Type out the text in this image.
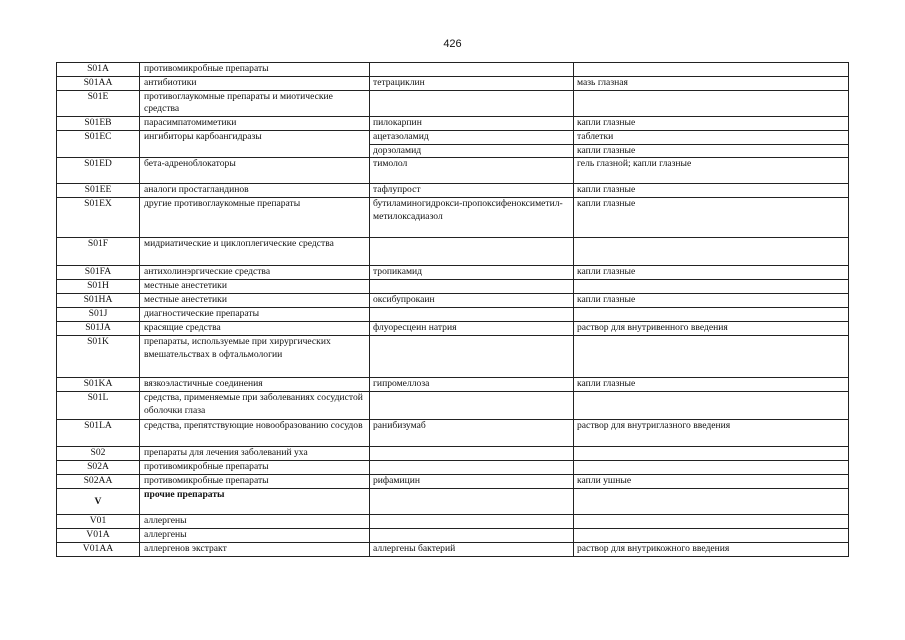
426
S01A	противомикробные препараты		
S01AA	антибиотики	тетрациклин	мазь глазная
S01E	противоглаукомные препараты и миотические средства		
S01EB	парасимпатомиметики	пилокарпин	капли глазные
S01EC	ингибиторы карбоангидразы	ацетазоламид	таблетки
		дорзоламид	капли глазные
S01ED	бета-адреноблокаторы	тимолол	гель глазной; капли глазные
S01EE	аналоги простагландинов	тафлупрост	капли глазные
S01EX	другие противоглаукомные препараты	бутиламиногидрокси-пропоксифеноксиметил-метилоксадиазол	капли глазные
S01F	мидриатические и циклоплегические средства		
S01FA	антихолинэргические средства	тропикамид	капли глазные
S01H	местные анестетики		
S01HA	местные анестетики	оксибупрокаин	капли глазные
S01J	диагностические препараты		
S01JA	красящие средства	флуоресцеин натрия	раствор для внутривенного введения
S01K	препараты, используемые при хирургических вмешательствах в офтальмологии		
S01KA	вязкоэластичные соединения	гипромеллоза	капли глазные
S01L	средства, применяемые при заболеваниях сосудистой оболочки глаза		
S01LA	средства, препятствующие новообразованию сосудов	ранибизумаб	раствор для внутриглазного введения
S02	препараты для лечения заболеваний уха		
S02A	противомикробные препараты		
S02AA	противомикробные препараты	рифамицин	капли ушные
V	прочие препараты		
V01	аллергены		
V01A	аллергены		
V01AA	аллергенов экстракт	аллергены бактерий	раствор для внутрикожного введения
